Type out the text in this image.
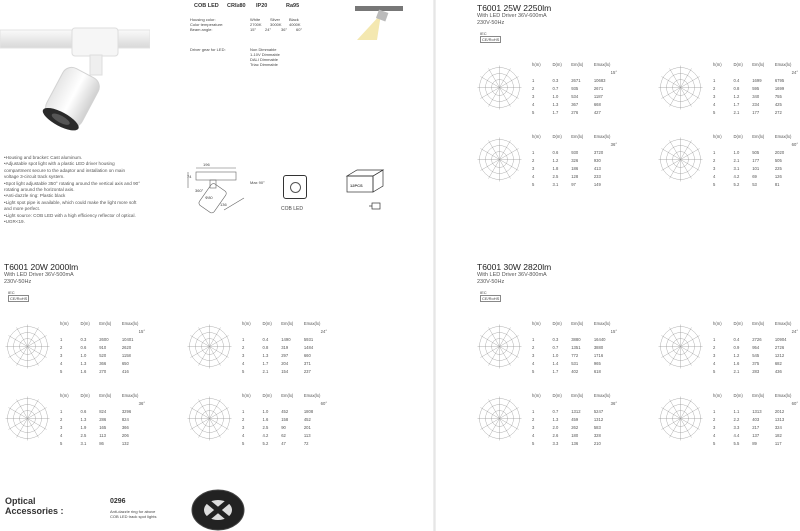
COB LED CRI≥80 IP20	Ra95
Housing color:	White Silver Black
Color temperature:	2700K 3000K 4000K
Beam angle:	15° 24° 36° 60°
Driver gear for LED:	Non Dimmable
1-10V Dimmable
DALI Dimmable
Triac Dimmable
•Housing and bracket: Cast aluminum.
•Adjustable spot light with a plastic LED driver housing
compartment secure to the adaptor and installation on main
voltage 3-circuit track system.
•Spot light adjustable 350° rotating around the vertical axis and 90°
rotating around the horizontal axis.
•Anti-dazzle ring: Plastic black
•Light spot pipe is available, which could make the light more soft
and more perfect.
•Light source: COB LED with a high efficiency reflector of optical.
•UGR<19.
196
74
Max 90°
Φ80
136
360°
COB LED
12PCS
T6001 20W 2000lm
With LED Driver 36V-500mA
230V-50Hz
IEC
CE/RoHS
T6001 25W 2250lm
With LED Driver 36V-600mA
230V-50Hz
IEC
CE/RoHS
T6001 30W 2820lm
With LED Driver 36V-800mA
230V-50Hz
IEC
CE/RoHS
h(m)	D(m)	Em(lx)	Emax(lx)
			15°
1	0.3	2600	10401
2	0.6	910	2620
3	1.0	520	1158
4	1.3	366	650
5	1.6	270	416
h(m)	D(m)	Em(lx)	Emax(lx)
			24°
1	0.4	1490	5931
2	0.8	319	1484
3	1.3	297	660
4	1.7	204	371
5	2.1	154	237
h(m)	D(m)	Em(lx)	Emax(lx)
			36°
1	0.6	824	3296
2	1.3	286	824
3	1.9	165	366
4	2.5	113	206
5	3.1	86	132
h(m)	D(m)	Em(lx)	Emax(lx)
			60°
1	1.0	452	1808
2	1.6	158	452
3	2.5	90	201
4	4.2	62	113
5	5.2	47	72
h(m)	D(m)	Em(lx)	Emax(lx)
			15°
1	0.3	2671	10683
2	0.7	935	2671
3	1.0	534	1187
4	1.3	367	668
5	1.7	276	427
h(m)	D(m)	Em(lx)	Emax(lx)
			24°
1	0.4	1699	6795
2	0.8	595	1699
3	1.2	340	755
4	1.7	234	425
5	2.1	177	272
h(m)	D(m)	Em(lx)	Emax(lx)
			36°
1	0.6	930	3720
2	1.2	326	930
3	1.8	186	413
4	2.5	128	233
5	3.1	97	149
h(m)	D(m)	Em(lx)	Emax(lx)
			60°
1	1.0	505	2020
2	2.1	177	505
3	3.1	101	225
4	4.2	69	126
5	5.2	53	81
h(m)	D(m)	Em(lx)	Emax(lx)
			15°
1	0.3	3880	16440
2	0.7	1351	3880
3	1.0	772	1716
4	1.4	531	965
5	1.7	402	618
h(m)	D(m)	Em(lx)	Emax(lx)
			24°
1	0.4	2726	10904
2	0.9	954	2726
3	1.2	545	1212
4	1.6	375	682
5	2.1	283	436
h(m)	D(m)	Em(lx)	Emax(lx)
			36°
1	0.7	1312	5247
2	1.3	459	1312
3	2.0	262	583
4	2.6	180	328
5	3.3	136	210
h(m)	D(m)	Em(lx)	Emax(lx)
			60°
1	1.1	1313	2012
2	2.2	403	1313
3	3.3	217	324
4	4.4	137	182
5	5.5	89	117
Optical
Accessories :
0296
Anti-dazzle ring for above
COB LED track spot lights
